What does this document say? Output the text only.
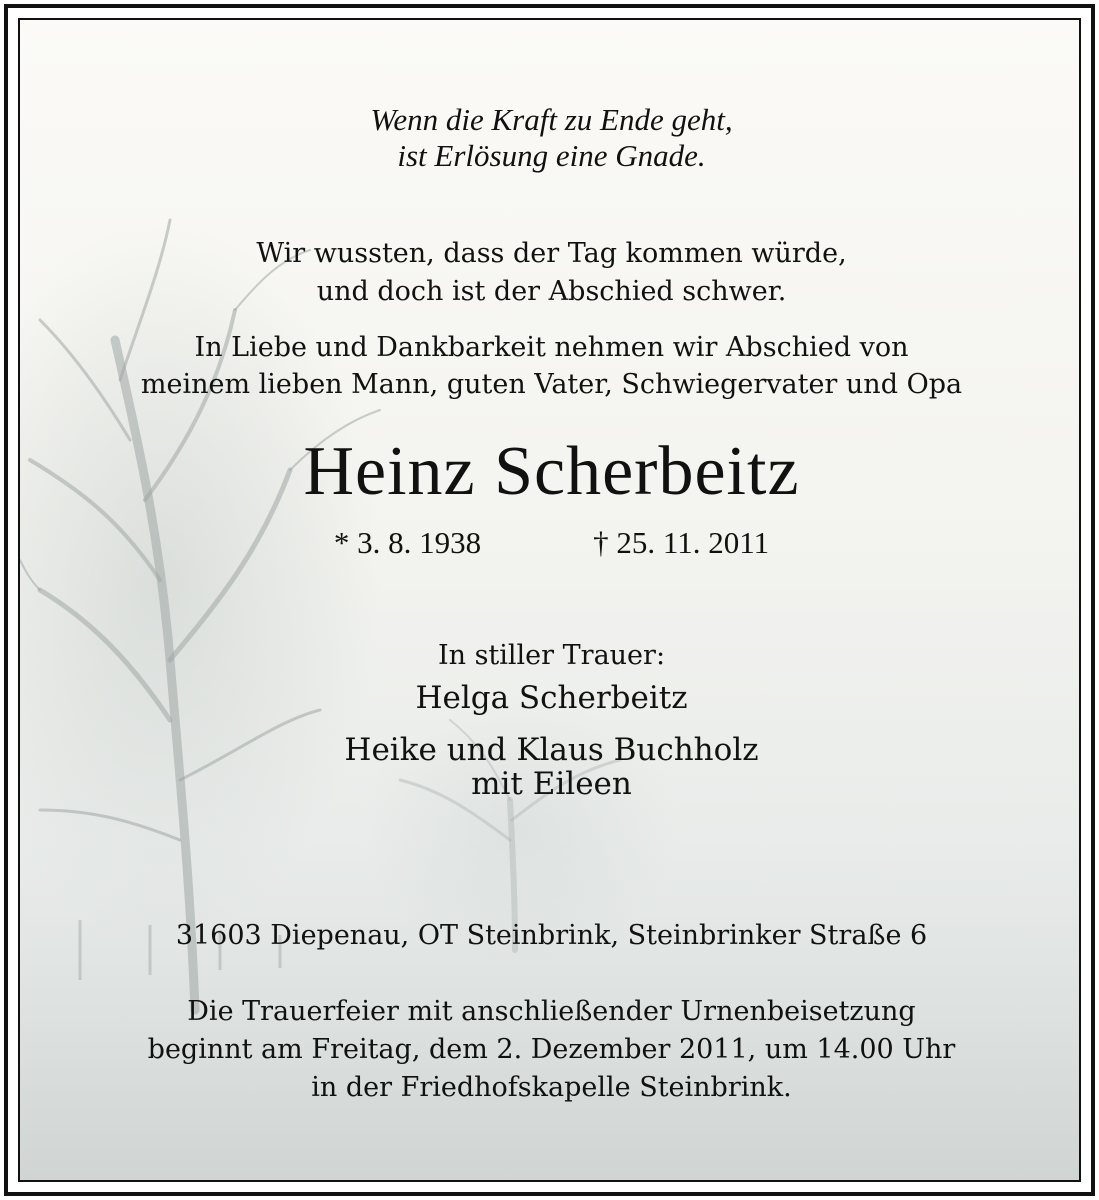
Wenn die Kraft zu Ende geht,
ist Erlösung eine Gnade.
Wir wussten, dass der Tag kommen würde,
und doch ist der Abschied schwer.
In Liebe und Dankbarkeit nehmen wir Abschied von
meinem lieben Mann, guten Vater, Schwiegervater und Opa
Heinz Scherbeitz
* 3. 8. 1938	† 25. 11. 2011
In stiller Trauer:
Helga Scherbeitz
Heike und Klaus Buchholz
mit Eileen
31603 Diepenau, OT Steinbrink, Steinbrinker Straße 6
Die Trauerfeier mit anschließender Urnenbeisetzung
beginnt am Freitag, dem 2. Dezember 2011, um 14.00 Uhr
in der Friedhofskapelle Steinbrink.
